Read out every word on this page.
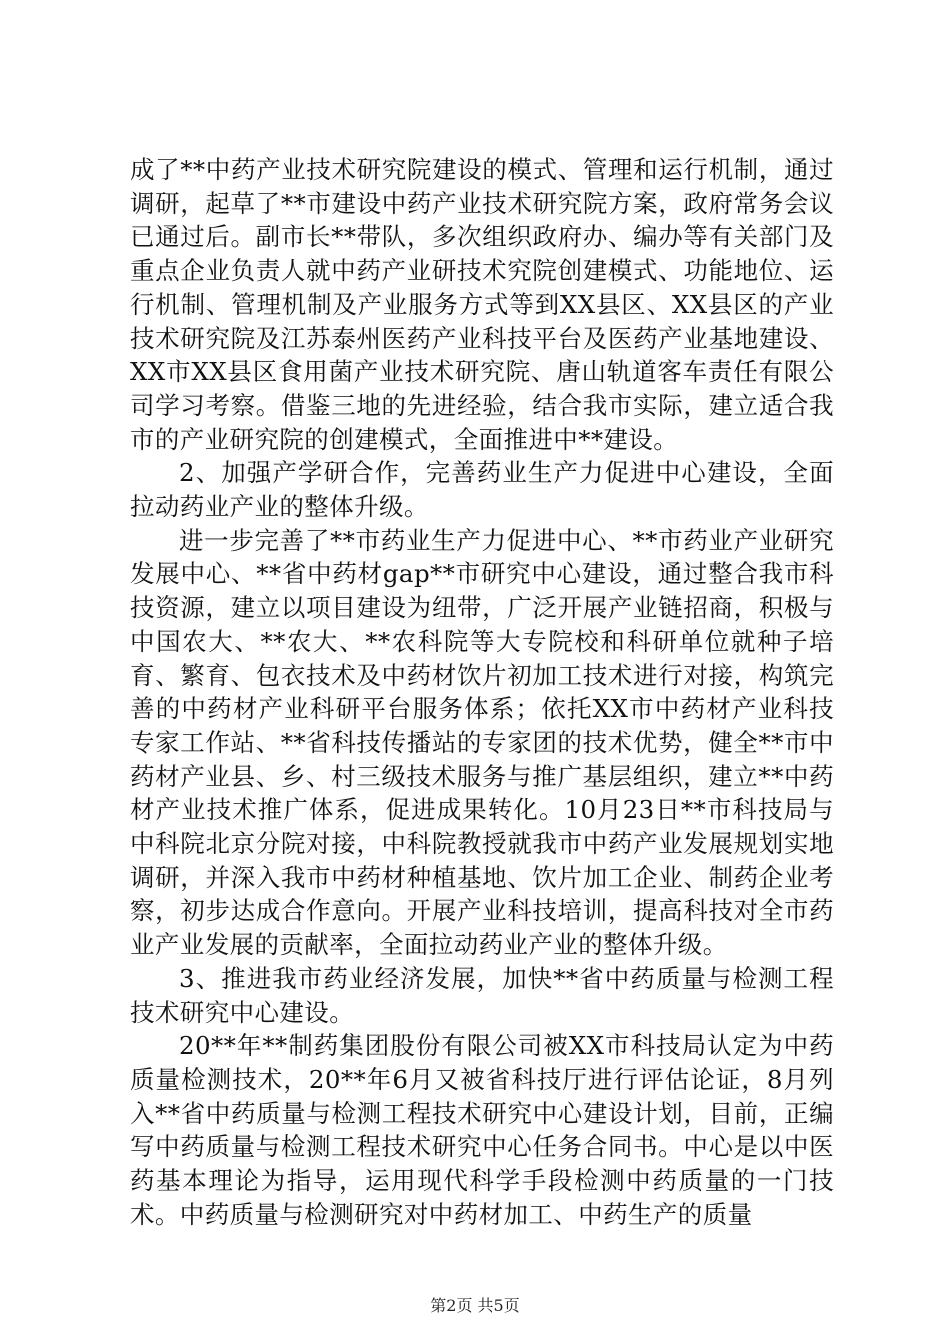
成了**中药产业技术研究院建设的模式、管理和运行机制，通过调研，起草了**市建设中药产业技术研究院方案，政府常务会议已通过后。副市长**带队，多次组织政府办、编办等有关部门及重点企业负责人就中药产业研技术究院创建模式、功能地位、运行机制、管理机制及产业服务方式等到XX县区、XX县区的产业技术研究院及江苏泰州医药产业科技平台及医药产业基地建设、XX市XX县区食用菌产业技术研究院、唐山轨道客车责任有限公司学习考察。借鉴三地的先进经验，结合我市实际，建立适合我市的产业研究院的创建模式，全面推进中**建设。

2、加强产学研合作，完善药业生产力促进中心建设，全面拉动药业产业的整体升级。

进一步完善了**市药业生产力促进中心、**市药业产业研究发展中心、**省中药材gap**市研究中心建设，通过整合我市科技资源，建立以项目建设为纽带，广泛开展产业链招商，积极与中国农大、**农大、**农科院等大专院校和科研单位就种子培育、繁育、包衣技术及中药材饮片初加工技术进行对接，构筑完善的中药材产业科研平台服务体系；依托XX市中药材产业科技专家工作站、**省科技传播站的专家团的技术优势，健全**市中药材产业县、乡、村三级技术服务与推广基层组织，建立**中药材产业技术推广体系，促进成果转化。10月23日**市科技局与中科院北京分院对接，中科院教授就我市中药产业发展规划实地调研，并深入我市中药材种植基地、饮片加工企业、制药企业考察，初步达成合作意向。开展产业科技培训，提高科技对全市药业产业发展的贡献率，全面拉动药业产业的整体升级。

3、推进我市药业经济发展，加快**省中药质量与检测工程技术研究中心建设。

20**年**制药集团股份有限公司被XX市科技局认定为中药质量检测技术，20**年6月又被省科技厅进行评估论证，8月列入**省中药质量与检测工程技术研究中心建设计划，目前，正编写中药质量与检测工程技术研究中心任务合同书。中心是以中医药基本理论为指导，运用现代科学手段检测中药质量的一门技术。中药质量与检测研究对中药材加工、中药生产的质量

第2页 共5页
